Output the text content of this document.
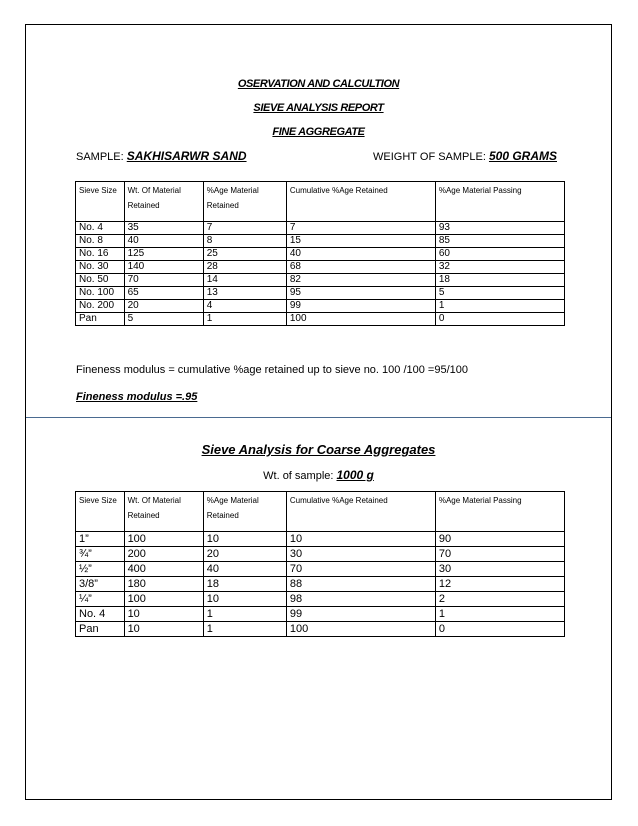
OSERVATION AND CALCULTION
SIEVE ANALYSIS REPORT
FINE AGGREGATE
SAMPLE: SAKHISARWR SAND	WEIGHT OF SAMPLE: 500 GRAMS
Sieve Size	Wt. Of Material Retained	%Age Material Retained	Cumulative %Age Retained	%Age Material Passing
No. 4	35	7	7	93
No. 8	40	8	15	85
No. 16	125	25	40	60
No. 30	140	28	68	32
No. 50	70	14	82	18
No. 100	65	13	95	5
No. 200	20	4	99	1
Pan	5	1	100	0
Fineness modulus = cumulative %age retained up to sieve no. 100 /100 =95/100
Fineness modulus =.95
Sieve Analysis for Coarse Aggregates
Wt. of sample: 1000 g
Sieve Size	Wt. Of Material Retained	%Age Material Retained	Cumulative %Age Retained	%Age Material Passing
1”	100	10	10	90
¾”	200	20	30	70
½”	400	40	70	30
3/8”	180	18	88	12
¼”	100	10	98	2
No. 4	10	1	99	1
Pan	10	1	100	0
